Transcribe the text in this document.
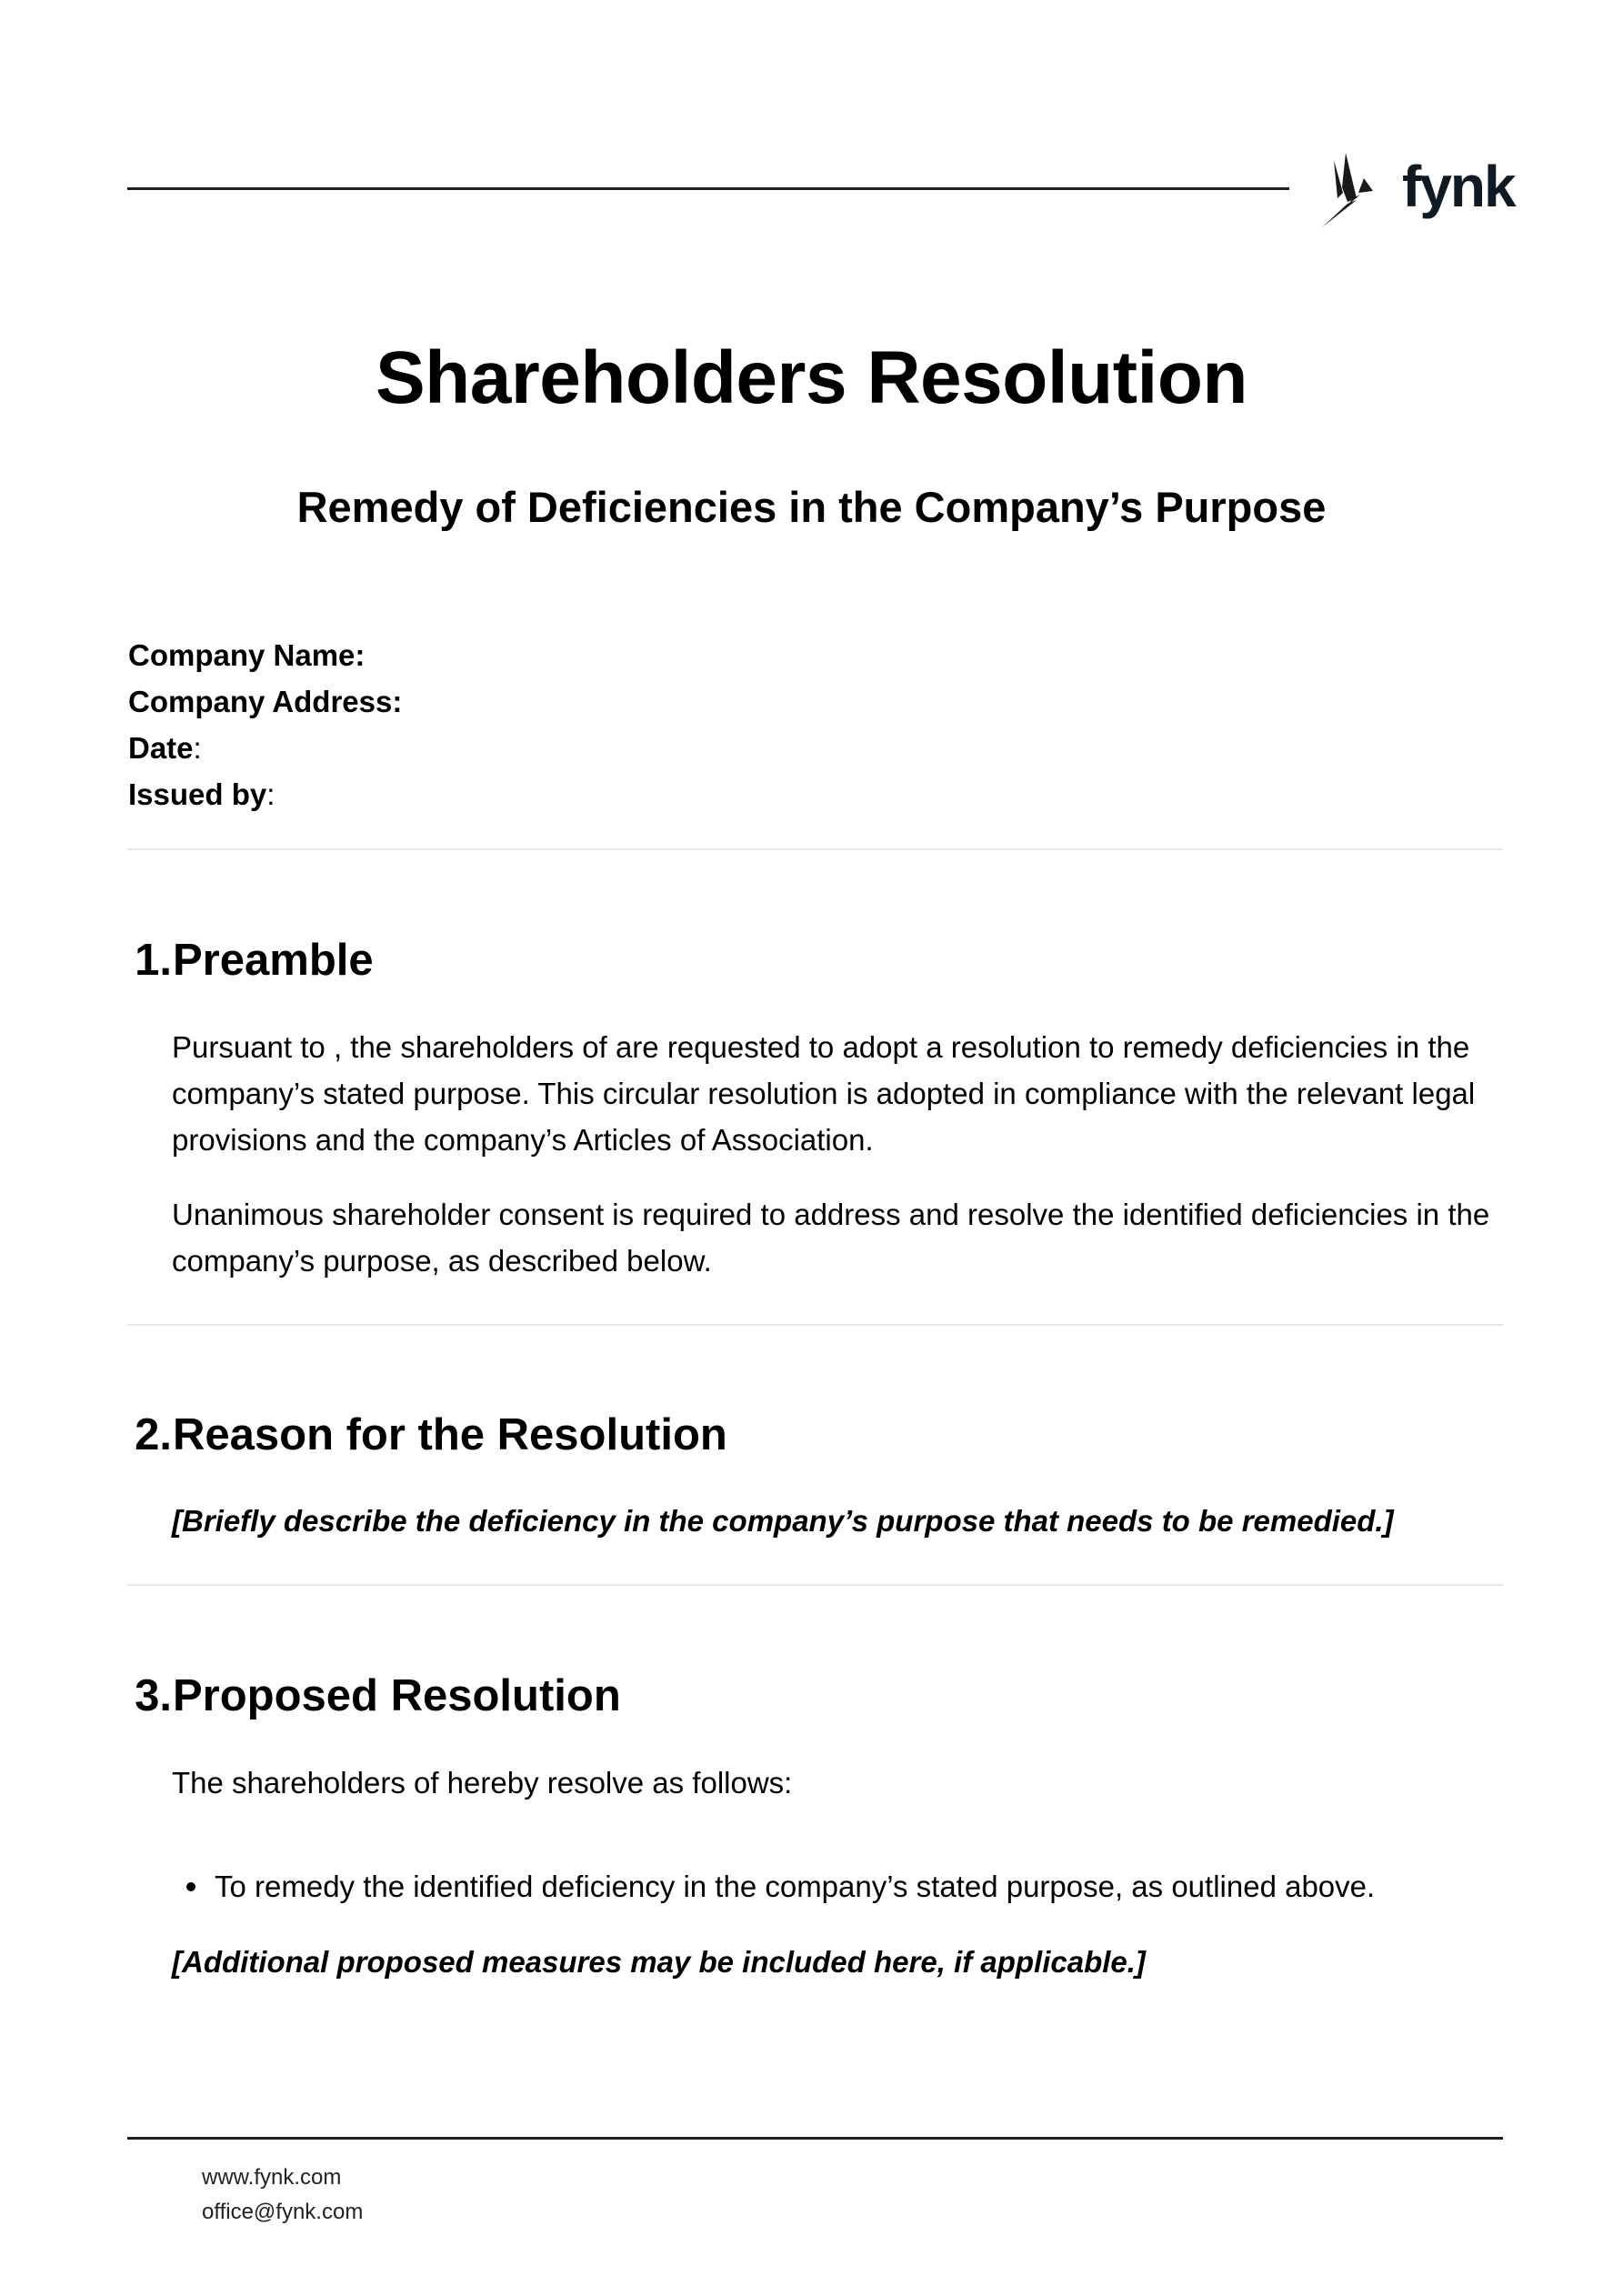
fynk
Shareholders Resolution
Remedy of Deficiencies in the Company’s Purpose
Company Name:
Company Address:
Date:
Issued by:
1. Preamble
Pursuant to , the shareholders of are requested to adopt a resolution to remedy deficiencies in the company’s stated purpose. This circular resolution is adopted in compliance with the relevant legal provisions and the company’s Articles of Association.
Unanimous shareholder consent is required to address and resolve the identified deficiencies in the company’s purpose, as described below.
2. Reason for the Resolution
[Briefly describe the deficiency in the company’s purpose that needs to be remedied.]
3. Proposed Resolution
The shareholders of hereby resolve as follows:
To remedy the identified deficiency in the company’s stated purpose, as outlined above.
[Additional proposed measures may be included here, if applicable.]
www.fynk.com
office@fynk.com
